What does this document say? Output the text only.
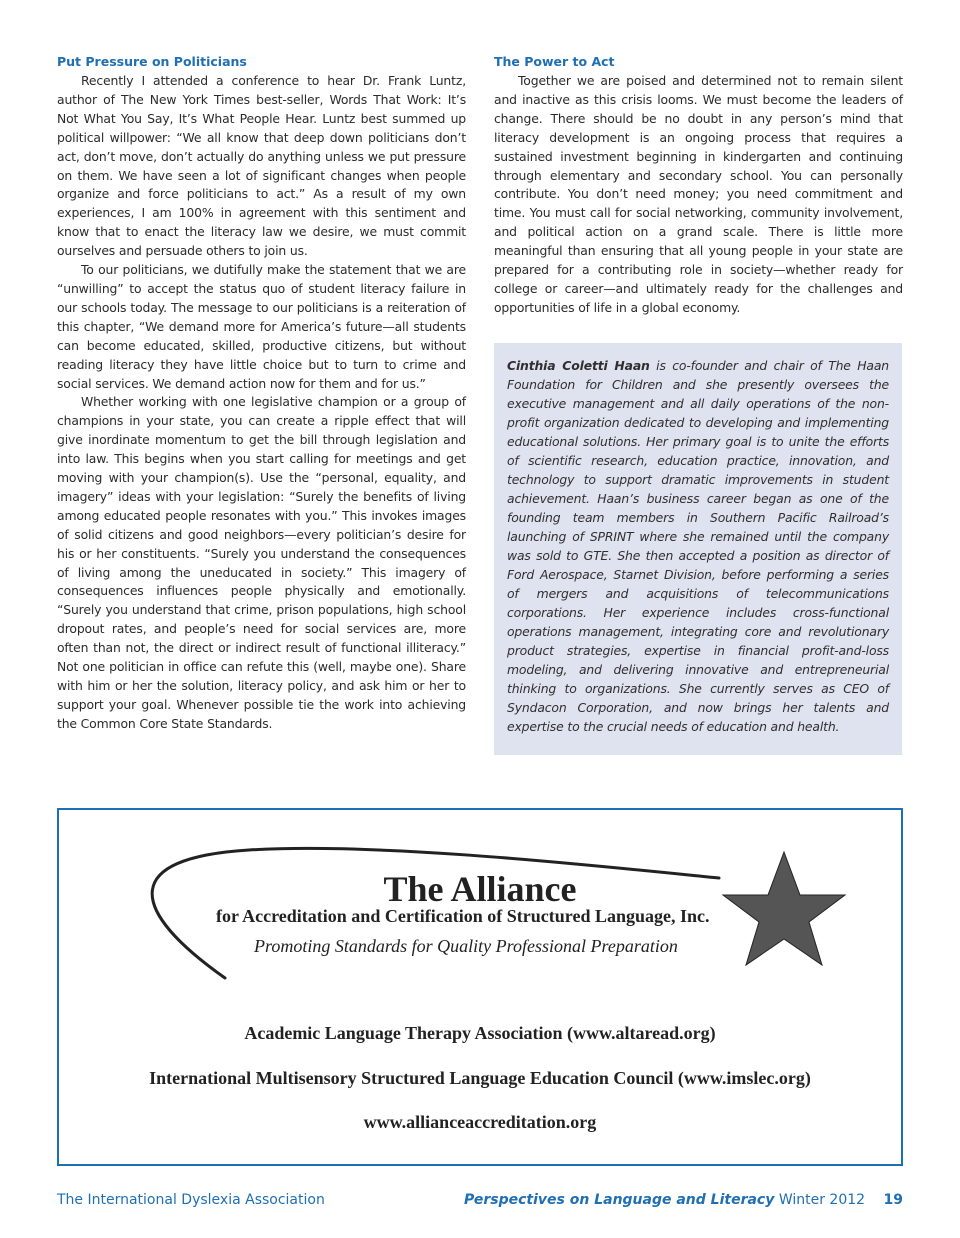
Put Pressure on Politicians

Recently I attended a conference to hear Dr. Frank Luntz, author of The New York Times best-seller, Words That Work: It’s Not What You Say, It’s What People Hear. Luntz best summed up political willpower: “We all know that deep down politicians don’t act, don’t move, don’t actually do anything unless we put pressure on them. We have seen a lot of significant changes when people organize and force politicians to act.” As a result of my own experiences, I am 100% in agreement with this sentiment and know that to enact the literacy law we desire, we must commit ourselves and persuade others to join us.

To our politicians, we dutifully make the statement that we are “unwilling” to accept the status quo of student literacy failure in our schools today. The message to our politicians is a reiteration of this chapter, “We demand more for America’s future—all students can become educated, skilled, productive citizens, but without reading literacy they have little choice but to turn to crime and social services. We demand action now for them and for us.”

Whether working with one legislative champion or a group of champions in your state, you can create a ripple effect that will give inordinate momentum to get the bill through legislation and into law. This begins when you start calling for meetings and get moving with your champion(s). Use the “personal, equality, and imagery” ideas with your legislation: “Surely the benefits of living among educated people resonates with you.” This invokes images of solid citizens and good neighbors—every politician’s desire for his or her constituents. “Surely you understand the consequences of living among the uneducated in society.” This imagery of consequences influences people physically and emotionally. “Surely you understand that crime, prison populations, high school dropout rates, and people’s need for social services are, more often than not, the direct or indirect result of functional illiteracy.” Not one politician in office can refute this (well, maybe one). Share with him or her the solution, literacy policy, and ask him or her to support your goal. Whenever possible tie the work into achieving the Common Core State Standards.

The Power to Act

Together we are poised and determined not to remain silent and inactive as this crisis looms. We must become the leaders of change. There should be no doubt in any person’s mind that literacy development is an ongoing process that requires a sustained investment beginning in kindergarten and continuing through elementary and secondary school. You can personally contribute. You don’t need money; you need commitment and time. You must call for social networking, community involvement, and political action on a grand scale. There is little more meaningful than ensuring that all young people in your state are prepared for a contributing role in society—whether ready for college or career—and ultimately ready for the challenges and opportunities of life in a global economy.

Cinthia Coletti Haan is co-founder and chair of The Haan Foundation for Children and she presently oversees the executive management and all daily operations of the non-profit organization dedicated to developing and implementing educational solutions. Her primary goal is to unite the efforts of scientific research, education practice, innovation, and technology to support dramatic improvements in student achievement. Haan’s business career began as one of the founding team members in Southern Pacific Railroad’s launching of SPRINT where she remained until the company was sold to GTE. She then accepted a position as director of Ford Aerospace, Starnet Division, before performing a series of mergers and acquisitions of telecommunications corporations. Her experience includes cross-functional operations management, integrating core and revolutionary product strategies, expertise in financial profit-and-loss modeling, and delivering innovative and entrepreneurial thinking to organizations. She currently serves as CEO of Syndacon Corporation, and now brings her talents and expertise to the crucial needs of education and health.

The Alliance
for Accreditation and Certification of Structured Language, Inc.
Promoting Standards for Quality Professional Preparation
Academic Language Therapy Association (www.altaread.org)
International Multisensory Structured Language Education Council (www.imslec.org)
www.allianceaccreditation.org
The International Dyslexia Association	Perspectives on Language and Literacy Winter 2012 19
